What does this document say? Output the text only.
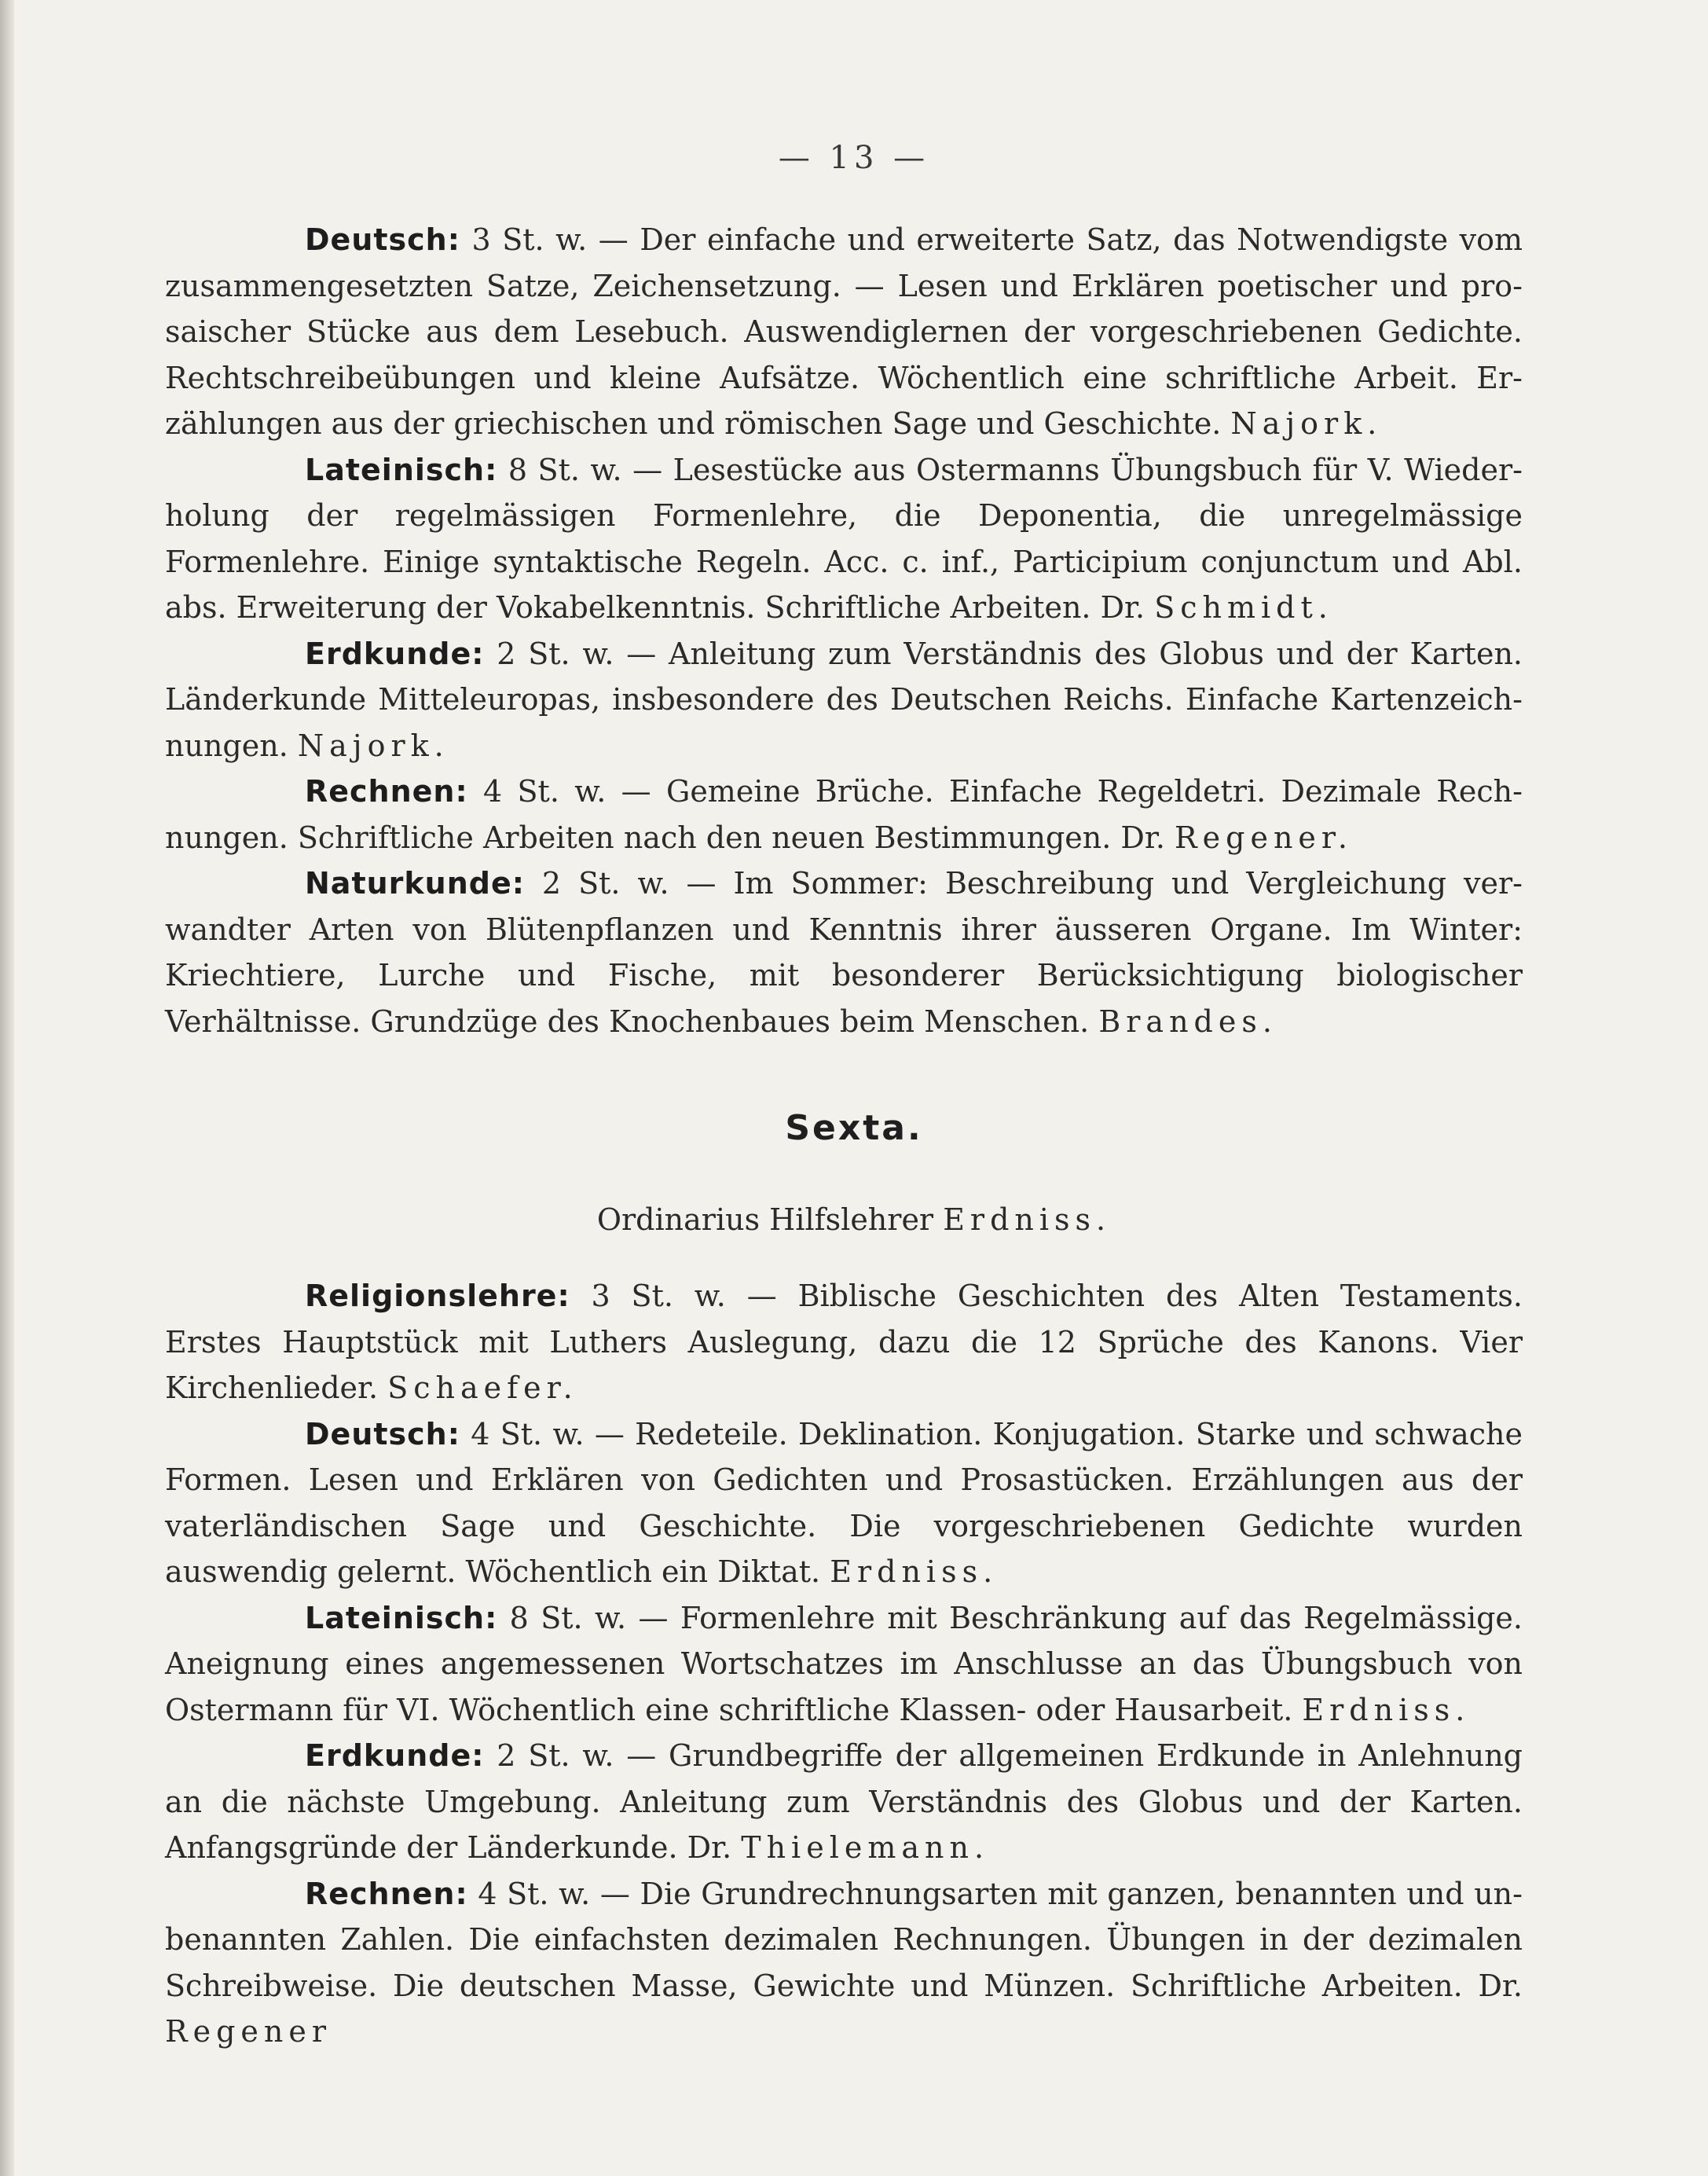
— 13 —

Deutsch: 3 St. w. — Der einfache und erweiterte Satz, das Notwendigste vom zusammengesetzten Satze, Zeichensetzung. — Lesen und Erklären poetischer und prosaischer Stücke aus dem Lesebuch. Auswendiglernen der vorgeschriebenen Gedichte. Rechtschreibeübungen und kleine Aufsätze. Wöchentlich eine schriftliche Arbeit. Erzählungen aus der griechischen und römischen Sage und Geschichte. Najork.

Lateinisch: 8 St. w. — Lesestücke aus Ostermanns Übungsbuch für V. Wiederholung der regelmässigen Formenlehre, die Deponentia, die unregelmässige Formenlehre. Einige syntaktische Regeln. Acc. c. inf., Participium conjunctum und Abl. abs. Erweiterung der Vokabelkenntnis. Schriftliche Arbeiten. Dr. Schmidt.

Erdkunde: 2 St. w. — Anleitung zum Verständnis des Globus und der Karten. Länderkunde Mitteleuropas, insbesondere des Deutschen Reichs. Einfache Kartenzeichnungen. Najork.

Rechnen: 4 St. w. — Gemeine Brüche. Einfache Regeldetri. Dezimale Rechnungen. Schriftliche Arbeiten nach den neuen Bestimmungen. Dr. Regener.

Naturkunde: 2 St. w. — Im Sommer: Beschreibung und Vergleichung verwandter Arten von Blütenpflanzen und Kenntnis ihrer äusseren Organe. Im Winter: Kriechtiere, Lurche und Fische, mit besonderer Berücksichtigung biologischer Verhältnisse. Grundzüge des Knochenbaues beim Menschen. Brandes.

Sexta.
Ordinarius Hilfslehrer Erdniss.

Religionslehre: 3 St. w. — Biblische Geschichten des Alten Testaments. Erstes Hauptstück mit Luthers Auslegung, dazu die 12 Sprüche des Kanons. Vier Kirchenlieder. Schaefer.

Deutsch: 4 St. w. — Redeteile. Deklination. Konjugation. Starke und schwache Formen. Lesen und Erklären von Gedichten und Prosastücken. Erzählungen aus der vaterländischen Sage und Geschichte. Die vorgeschriebenen Gedichte wurden auswendig gelernt. Wöchentlich ein Diktat. Erdniss.

Lateinisch: 8 St. w. — Formenlehre mit Beschränkung auf das Regelmässige. Aneignung eines angemessenen Wortschatzes im Anschlusse an das Übungsbuch von Ostermann für VI. Wöchentlich eine schriftliche Klassen- oder Hausarbeit. Erdniss.

Erdkunde: 2 St. w. — Grundbegriffe der allgemeinen Erdkunde in Anlehnung an die nächste Umgebung. Anleitung zum Verständnis des Globus und der Karten. Anfangsgründe der Länderkunde. Dr. Thielemann.

Rechnen: 4 St. w. — Die Grundrechnungsarten mit ganzen, benannten und unbenannten Zahlen. Die einfachsten dezimalen Rechnungen. Übungen in der dezimalen Schreibweise. Die deutschen Masse, Gewichte und Münzen. Schriftliche Arbeiten. Dr. Regener
